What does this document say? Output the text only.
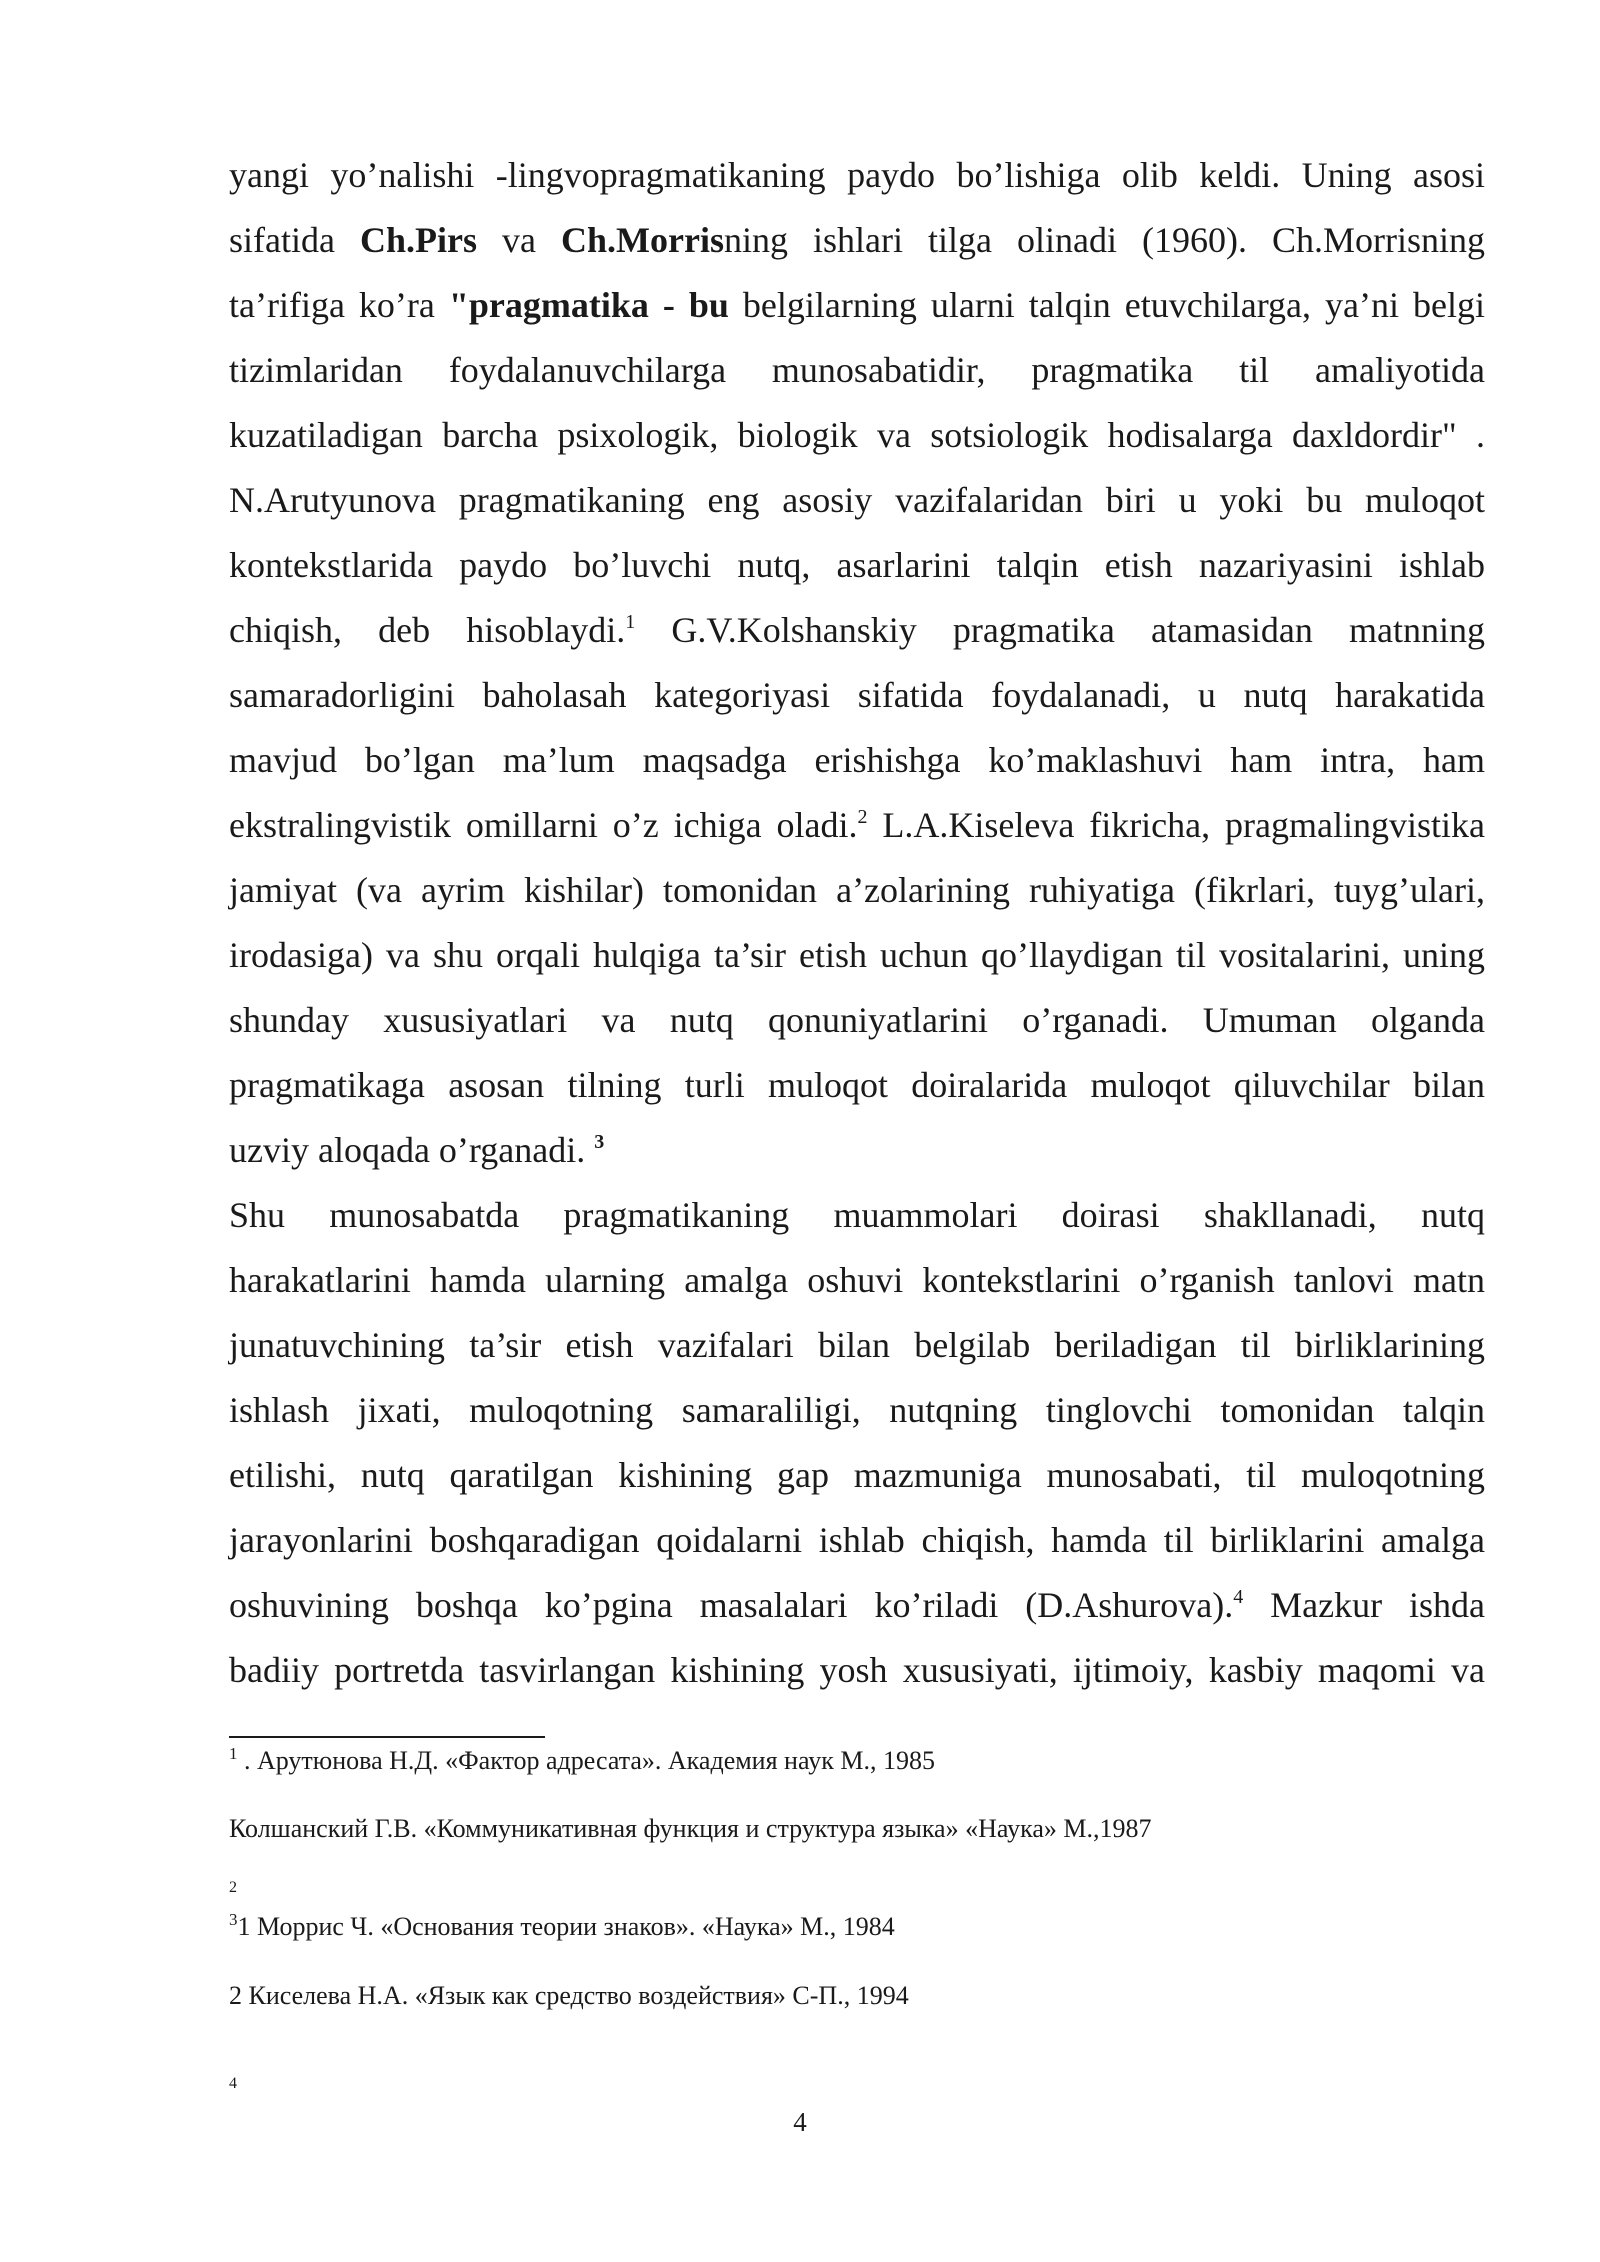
yangi yo’nalishi -lingvopragmatikaning paydo bo’lishiga olib keldi. Uning asosi
sifatida Ch.Pirs va Ch.Morrisning ishlari tilga olinadi (1960). Ch.Morrisning
ta’rifiga ko’ra "pragmatika - bu belgilarning ularni talqin etuvchilarga, ya’ni belgi
tizimlaridan foydalanuvchilarga munosabatidir, pragmatika til amaliyotida
kuzatiladigan barcha psixologik, biologik va sotsiologik hodisalarga daxldordir" .
N.Arutyunova pragmatikaning eng asosiy vazifalaridan biri u yoki bu muloqot
kontekstlarida paydo bo’luvchi nutq, asarlarini talqin etish nazariyasini ishlab
chiqish, deb hisoblaydi.$^1$ G.V.Kolshanskiy pragmatika atamasidan matnning
samaradorligini baholasah kategoriyasi sifatida foydalanadi, u nutq harakatida
mavjud bo’lgan ma’lum maqsadga erishishga ko’maklashuvi ham intra, ham
ekstralingvistik omillarni o’z ichiga oladi.$^2$ L.A.Kiseleva fikricha, pragmalingvistika
jamiyat (va ayrim kishilar) tomonidan a’zolarining ruhiyatiga (fikrlari, tuyg’ulari,
irodasiga) va shu orqali hulqiga ta’sir etish uchun qo’llaydigan til vositalarini, uning
shunday xususiyatlari va nutq qonuniyatlarini o’rganadi. Umuman olganda
pragmatikaga asosan tilning turli muloqot doiralarida muloqot qiluvchilar bilan
uzviy aloqada o’rganadi. $^3$
Shu munosabatda pragmatikaning muammolari doirasi shakllanadi, nutq
harakatlarini hamda ularning amalga oshuvi kontekstlarini o’rganish tanlovi matn
junatuvchining ta’sir etish vazifalari bilan belgilab beriladigan til birliklarining
ishlash jixati, muloqotning samaraliligi, nutqning tinglovchi tomonidan talqin
etilishi, nutq qaratilgan kishining gap mazmuniga munosabati, til muloqotning
jarayonlarini boshqaradigan qoidalarni ishlab chiqish, hamda til birliklarini amalga
oshuvining boshqa ko’pgina masalalari ko’riladi (D.Ashurova).$^4$ Mazkur ishda
badiiy portretda tasvirlangan kishining yosh xususiyati, ijtimoiy, kasbiy maqomi va
$^1$ . Арутюнова Н.Д. «Фактор адресата». Академия наук М., 1985
Колшанский Г.В. «Коммуникативная функция и структура языка» «Наука» М.,1987
2
$^3$1 Моррис Ч. «Основания теории знаков». «Наука» М., 1984
2 Киселева Н.А. «Язык как средство воздействия» С-П., 1994
4
4
